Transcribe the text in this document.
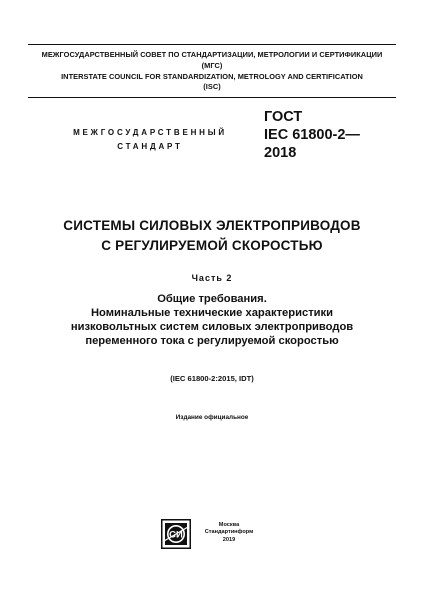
МЕЖГОСУДАРСТВЕННЫЙ СОВЕТ ПО СТАНДАРТИЗАЦИИ, МЕТРОЛОГИИ И СЕРТИФИКАЦИИ
(МГС)
INTERSTATE COUNCIL FOR STANDARDIZATION, METROLOGY AND CERTIFICATION
(ISC)
МЕЖГОСУДАРСТВЕННЫЙ
СТАНДАРТ
ГОСТ
IEC 61800-2—
2018
СИСТЕМЫ СИЛОВЫХ ЭЛЕКТРОПРИВОДОВ
С РЕГУЛИРУЕМОЙ СКОРОСТЬЮ
Часть 2
Общие требования.
Номинальные технические характеристики
низковольтных систем силовых электроприводов
переменного тока с регулируемой скоростью
(IEC 61800-2:2015, IDT)
Издание официальное
СИ
Москва
Стандартинформ
2019
